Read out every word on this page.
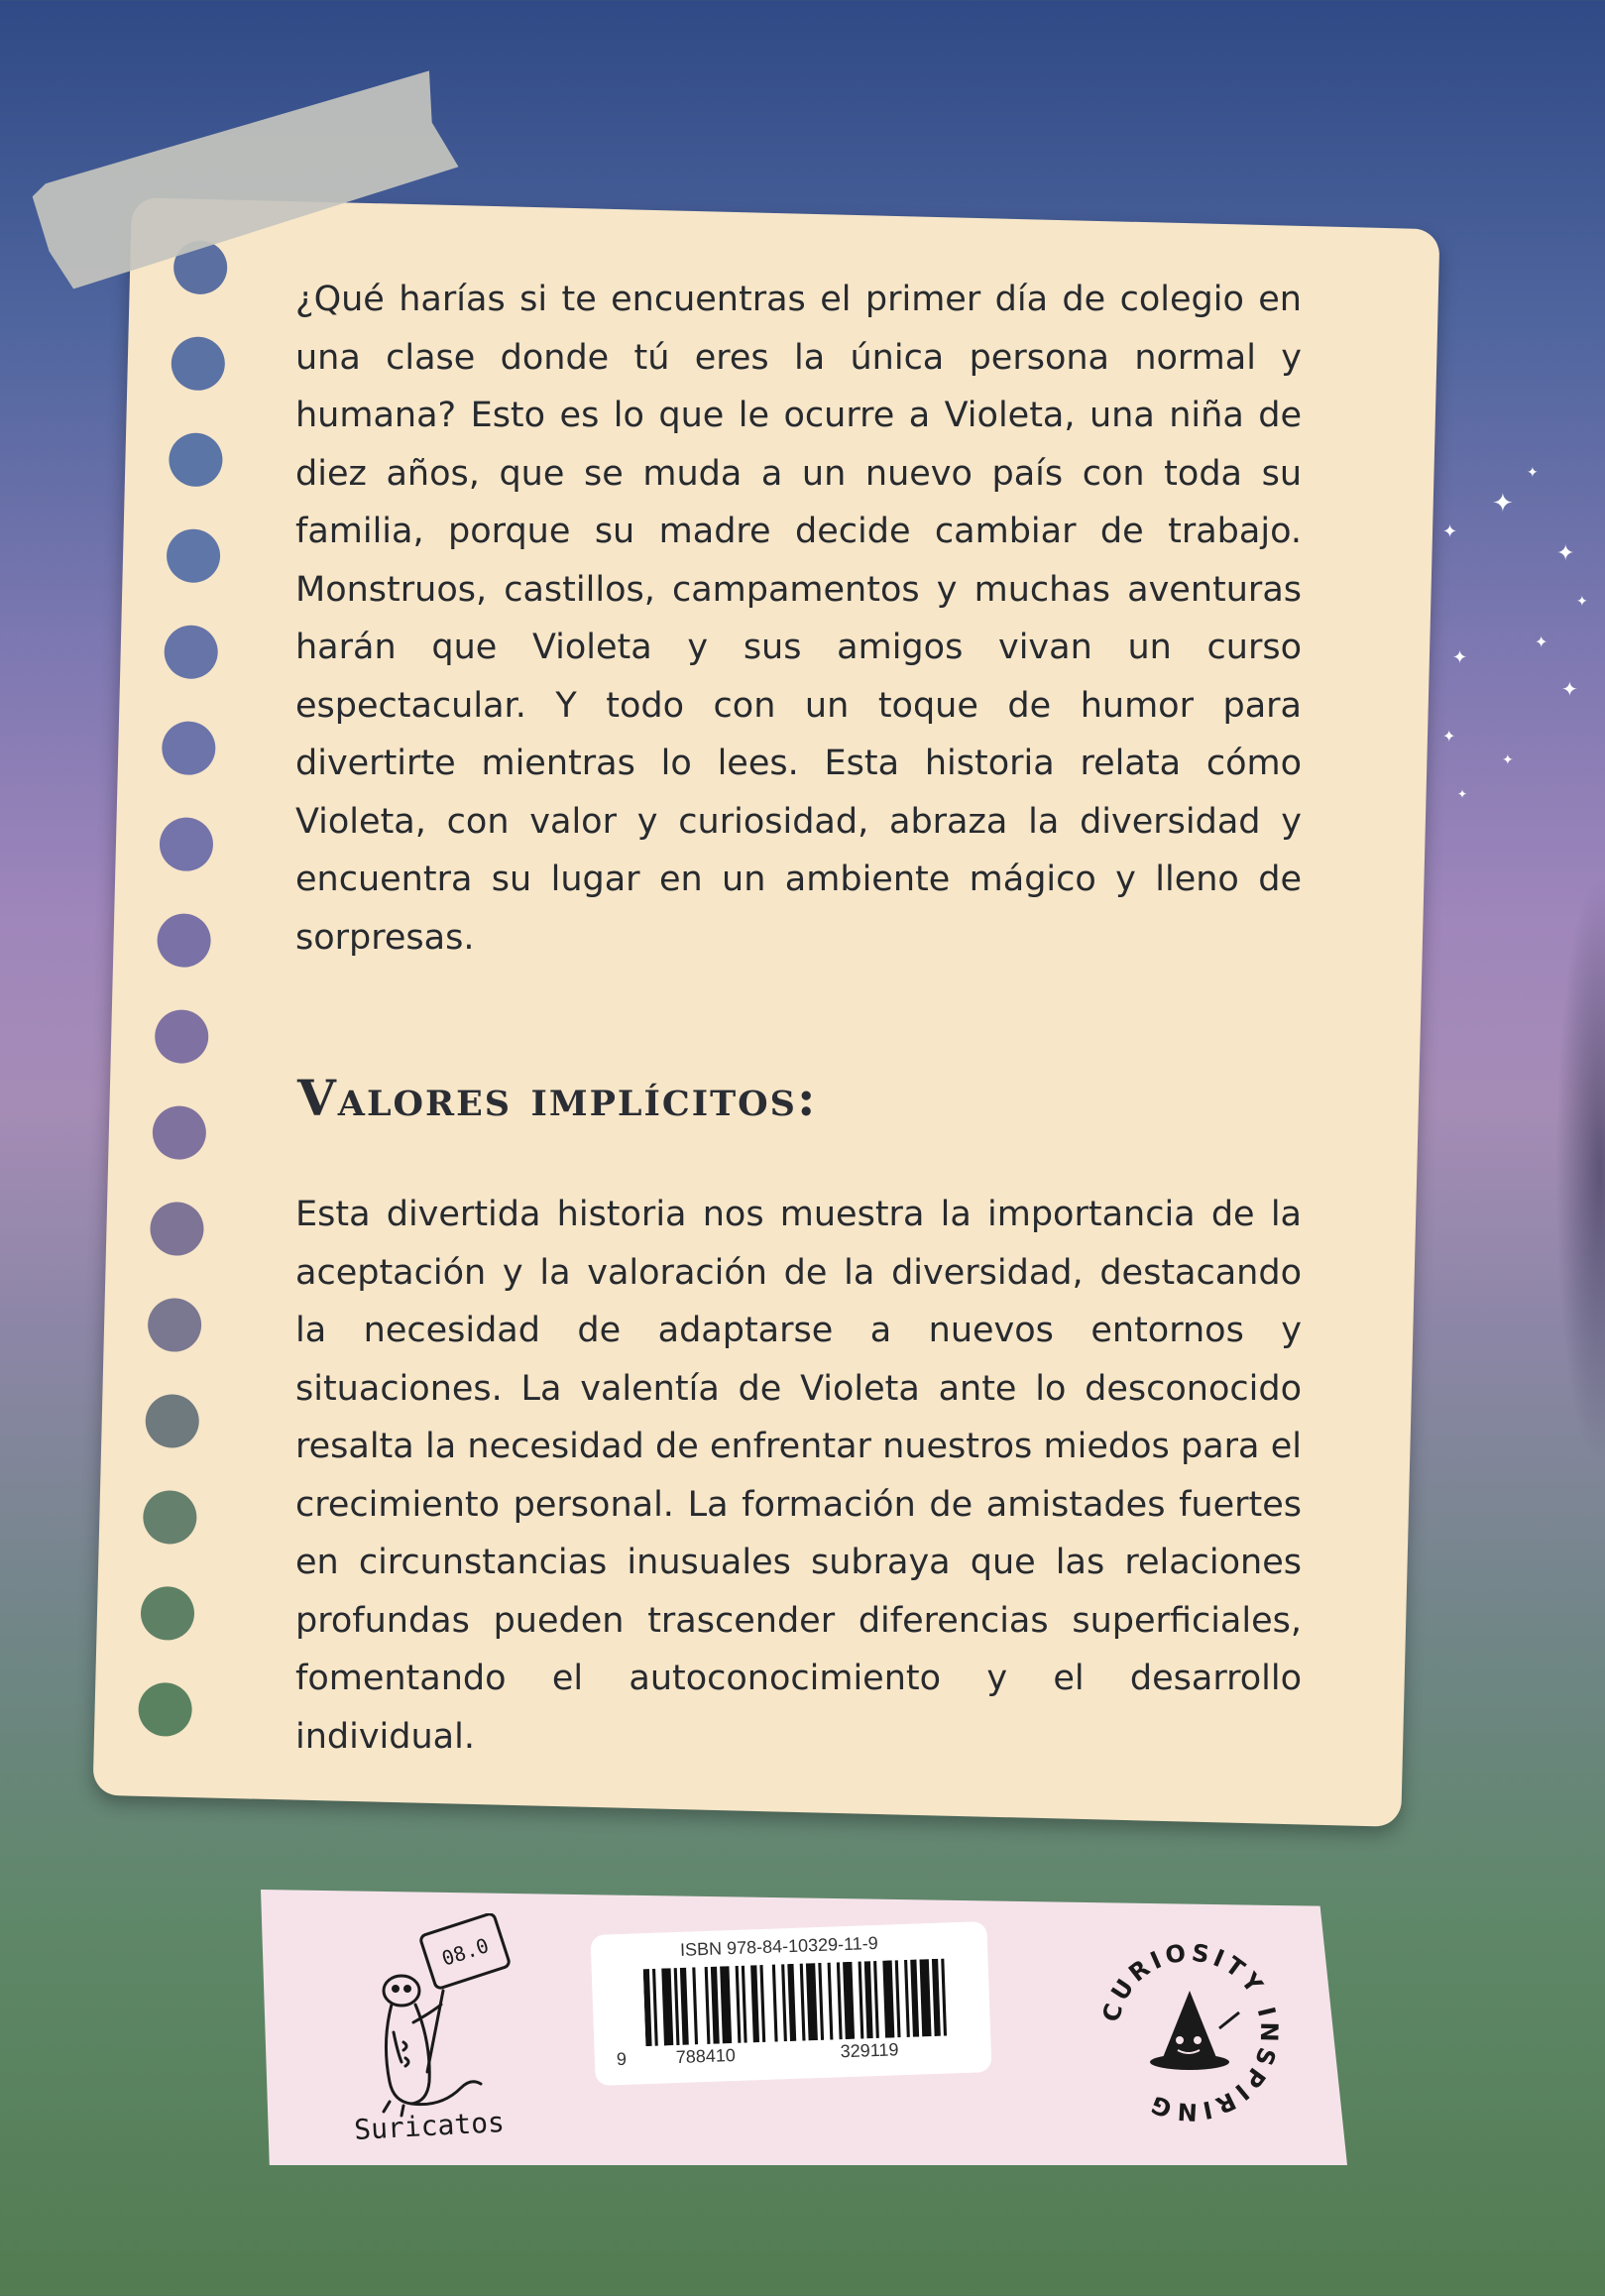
✦
✦
✦
✦
✦
✦
✦
✦
✦
✦
✦

¿Qué harías si te encuentras el primer día de colegio en una clase donde tú eres la única persona normal y humana? Esto es lo que le ocurre a Violeta, una niña de diez años, que se muda a un nuevo país con toda su familia, porque su madre decide cambiar de trabajo. Monstruos, castillos, campamentos y muchas aventuras harán que Violeta y sus amigos vivan un curso espectacular. Y todo con un toque de humor para divertirte mientras lo lees. Esta historia relata cómo Violeta, con valor y curiosidad, abraza la diversidad y encuentra su lugar en un ambiente mágico y lleno de sorpresas.

Valores implícitos:

Esta divertida historia nos muestra la importancia de la aceptación y la valoración de la diversidad, destacando la necesidad de adaptarse a nuevos entornos y situaciones. La valentía de Violeta ante lo desconocido resalta la necesidad de enfrentar nuestros miedos para el crecimiento personal. La formación de amistades fuertes en circunstancias inusuales subraya que las relaciones profundas pueden trascender diferencias superficiales, fomentando el autoconocimiento y el desarrollo individual.

08.0
Suricatos
ISBN 978-84-10329-11-9
9	788410	329119
CURIOSITY INSPIRING
